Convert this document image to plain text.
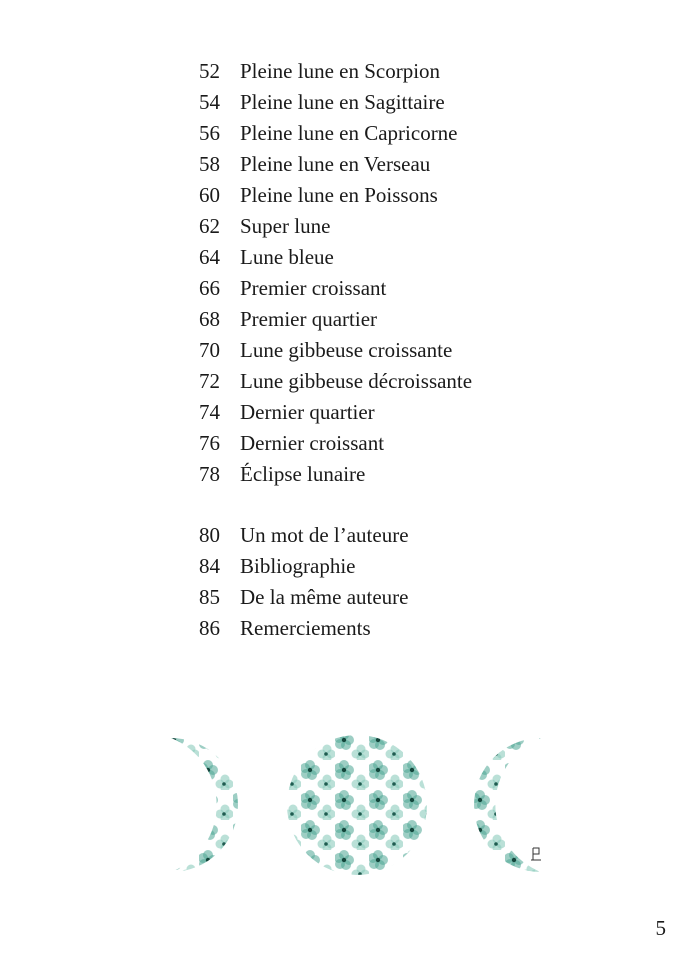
52 Pleine lune en Scorpion
54 Pleine lune en Sagittaire
56 Pleine lune en Capricorne
58 Pleine lune en Verseau
60 Pleine lune en Poissons
62 Super lune
64 Lune bleue
66 Premier croissant
68 Premier quartier
70 Lune gibbeuse croissante
72 Lune gibbeuse décroissante
74 Dernier quartier
76 Dernier croissant
78 Éclipse lunaire
80 Un mot de l’auteure
84 Bibliographie
85 De la même auteure
86 Remerciements
5
